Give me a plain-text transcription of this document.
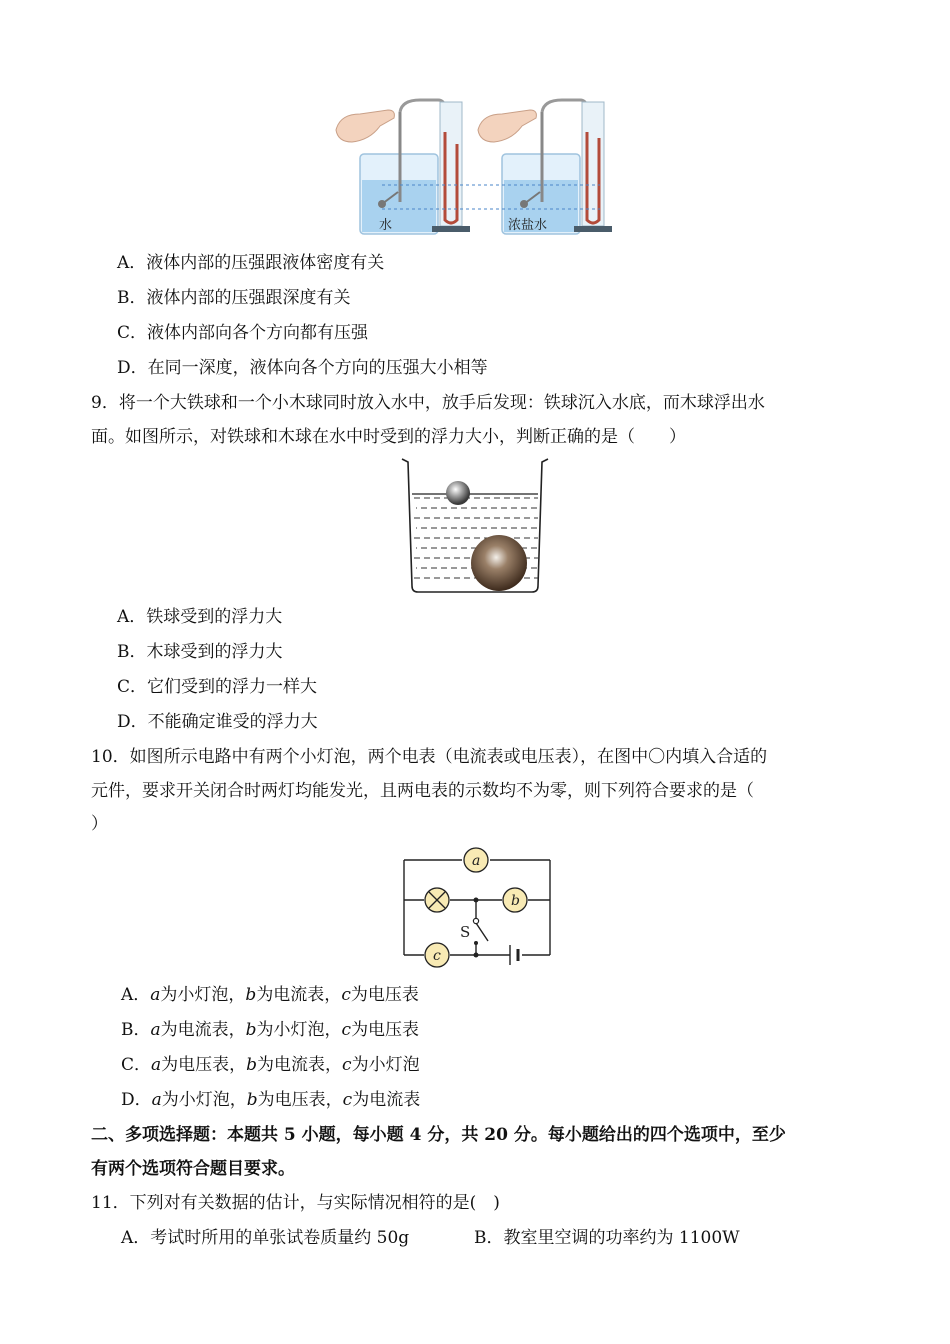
水	浓盐水
A．液体内部的压强跟液体密度有关
B．液体内部的压强跟深度有关
C．液体内部向各个方向都有压强
D．在同一深度，液体向各个方向的压强大小相等
9．将一个大铁球和一个小木球同时放入水中，放手后发现：铁球沉入水底，而木球浮出水
面。如图所示，对铁球和木球在水中时受到的浮力大小，判断正确的是（　　）
A．铁球受到的浮力大
B．木球受到的浮力大
C．它们受到的浮力一样大
D．不能确定谁受的浮力大
10．如图所示电路中有两个小灯泡，两个电表（电流表或电压表），在图中〇内填入合适的
元件，要求开关闭合时两灯均能发光，且两电表的示数均不为零，则下列符合要求的是（
）
a
b
c
S
A．a为小灯泡，b为电流表，c为电压表
B．a为电流表，b为小灯泡，c为电压表
C．a为电压表，b为电流表，c为小灯泡
D．a为小灯泡，b为电压表，c为电流表
二、多项选择题：本题共 5 小题，每小题 4 分，共 20 分。每小题给出的四个选项中，至少
有两个选项符合题目要求。
11．下列对有关数据的估计，与实际情况相符的是(　)
A．考试时所用的单张试卷质量约 50g	B．教室里空调的功率约为 1100W
